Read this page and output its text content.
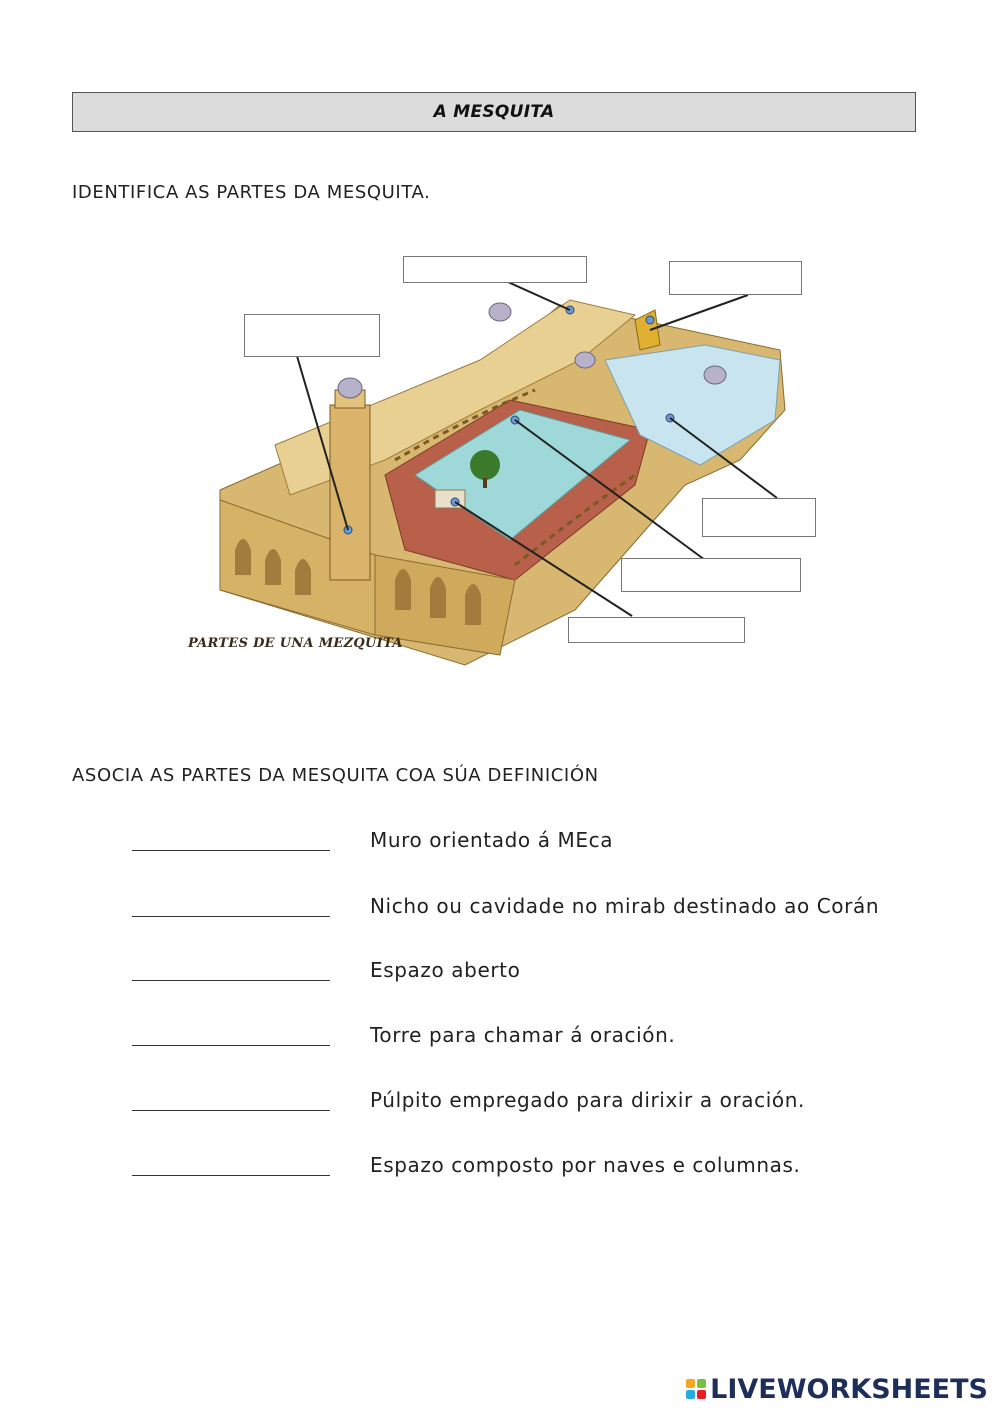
A MESQUITA
IDENTIFICA AS PARTES DA MESQUITA.
PARTES DE UNA MEZQUITA
ASOCIA AS PARTES DA MESQUITA COA SÚA DEFINICIÓN
Muro orientado á MEca
Nicho ou cavidade no mirab destinado ao Corán
Espazo aberto
Torre para chamar á oración.
Púlpito empregado para dirixir a oración.
Espazo composto por naves e columnas.
LIVEWORKSHEETS
